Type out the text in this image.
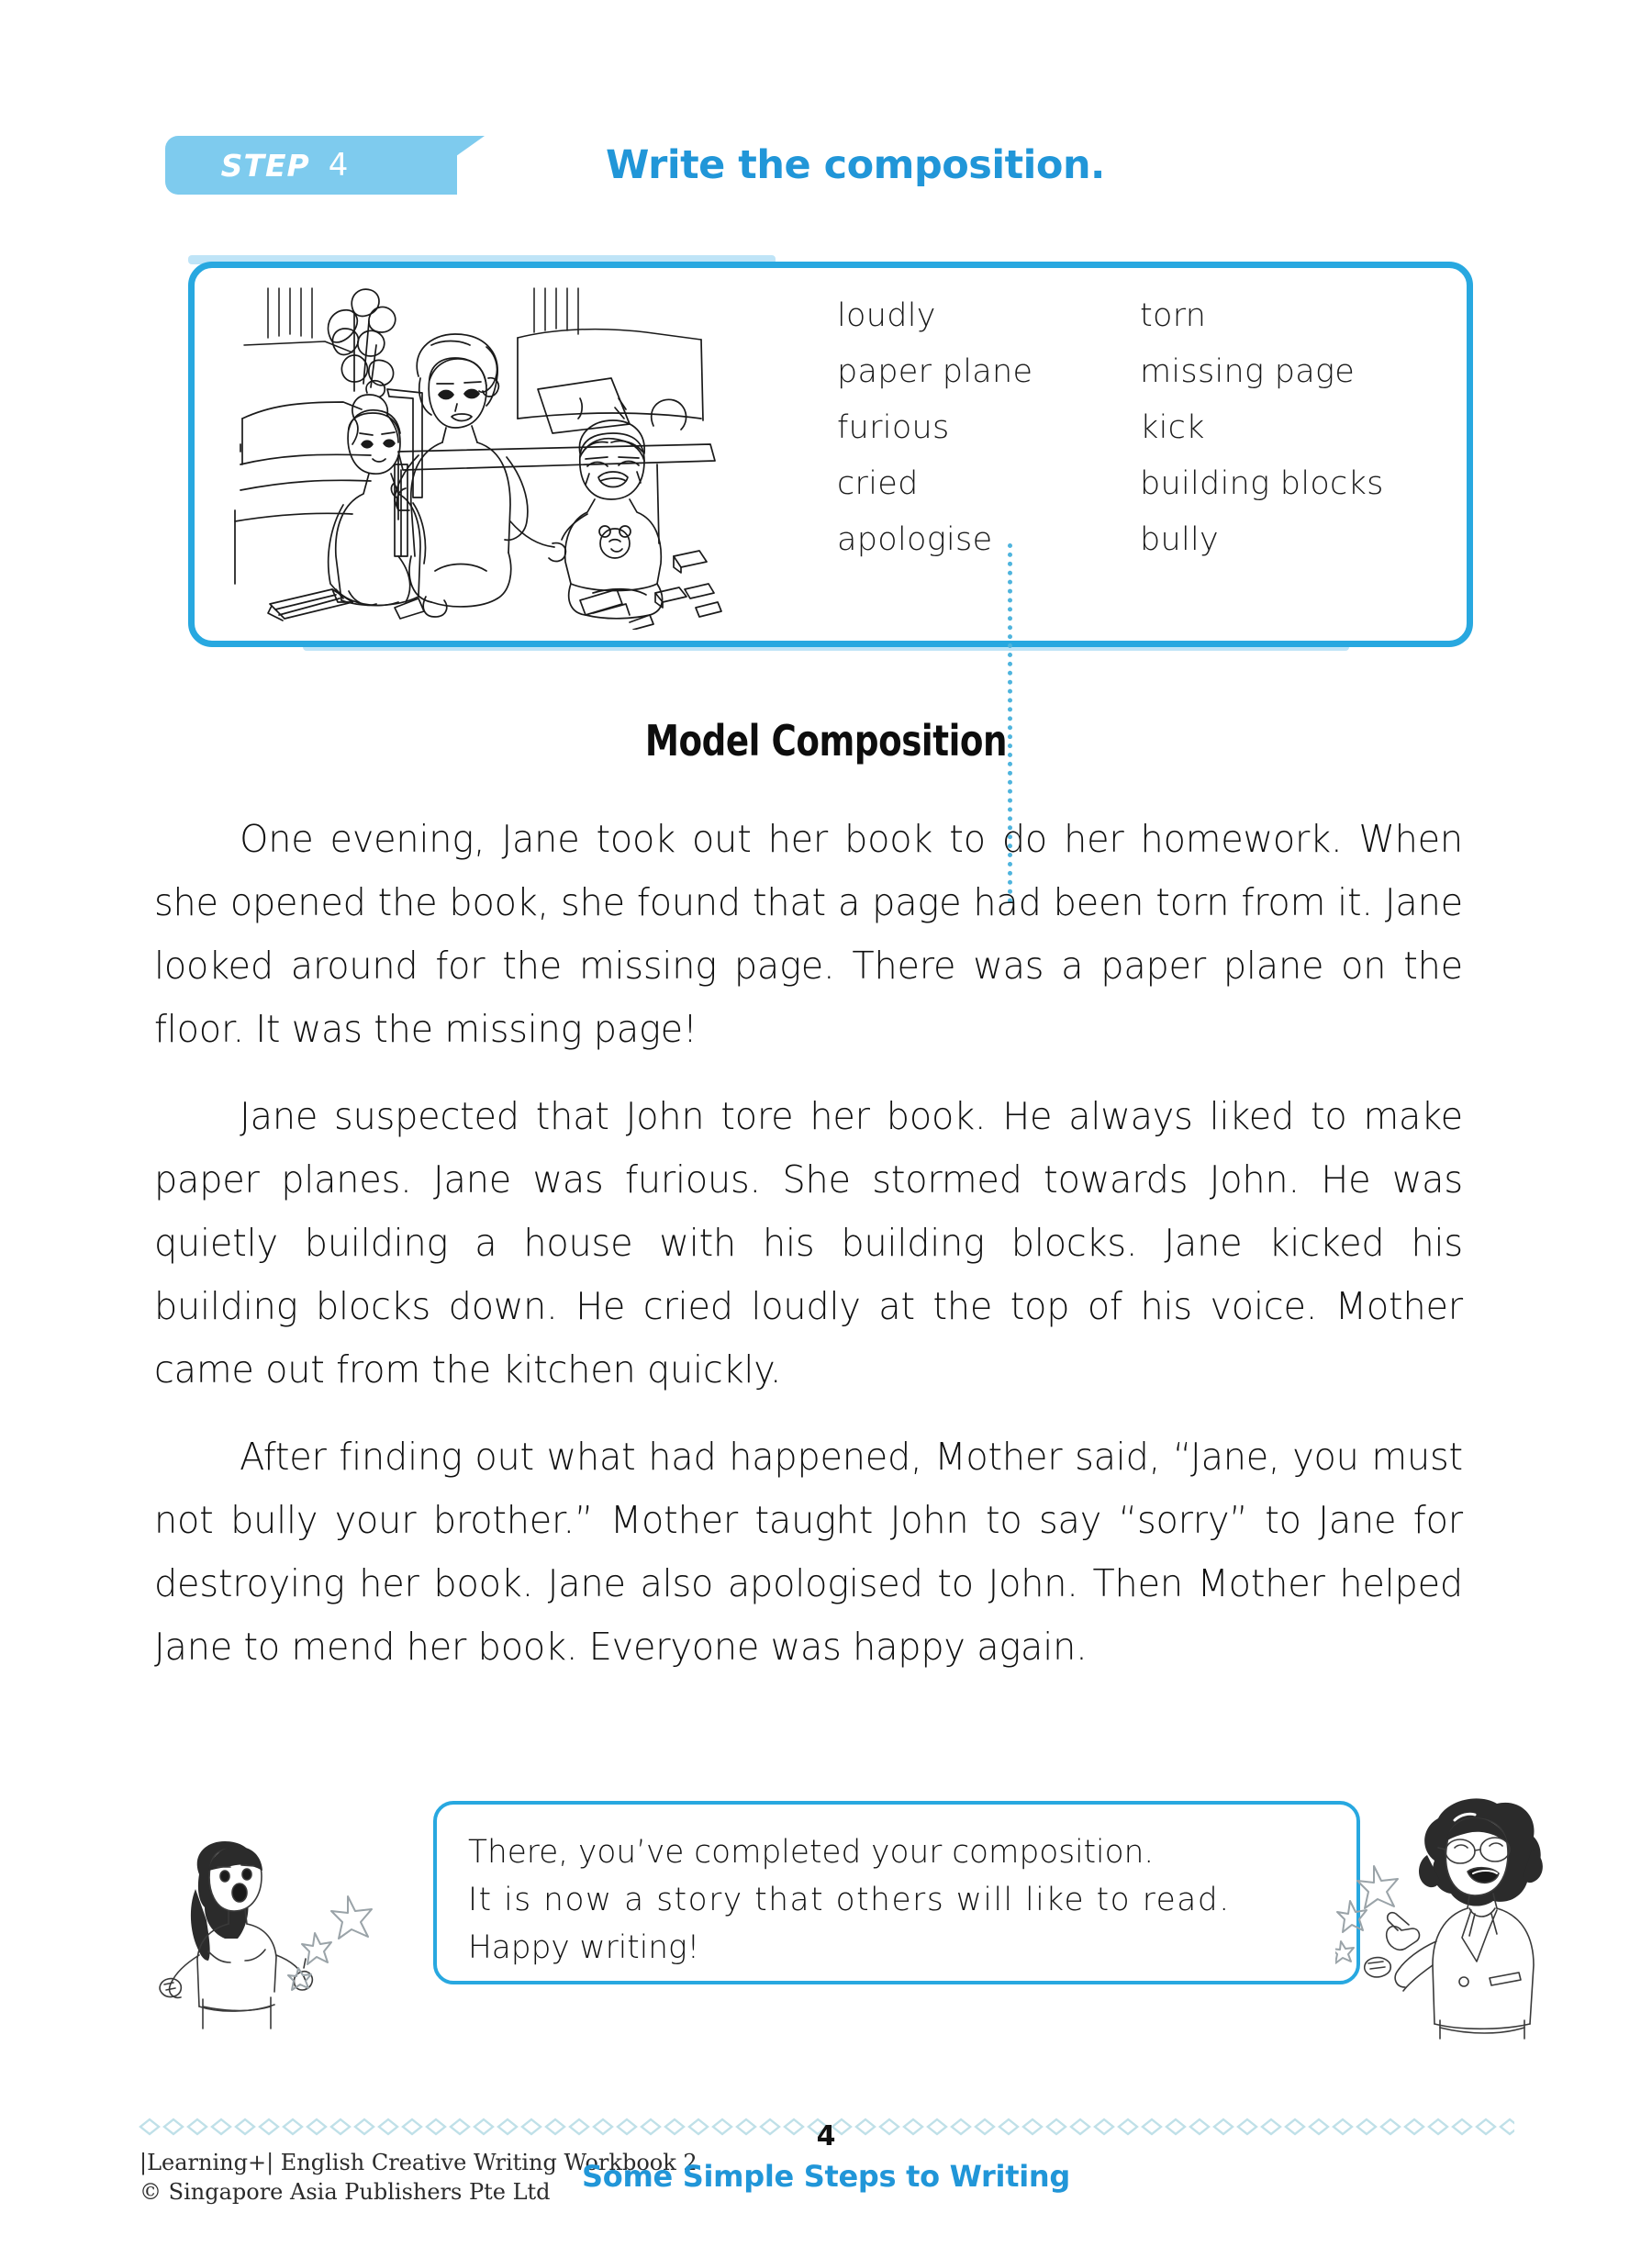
STEP 4	Write the composition.
loudly	torn
paper plane	missing page
furious	kick
cried	building blocks
apologise	bully
Model Composition

One evening, Jane took out her book to do her homework. When she opened the book, she found that a page had been torn from it. Jane looked around for the missing page. There was a paper plane on the floor. It was the missing page!

Jane suspected that John tore her book. He always liked to make paper planes. Jane was furious. She stormed towards John. He was quietly building a house with his building blocks. Jane kicked his building blocks down. He cried loudly at the top of his voice. Mother came out from the kitchen quickly.

After finding out what had happened, Mother said, “Jane, you must not bully your brother.” Mother taught John to say “sorry” to Jane for destroying her book. Jane also apologised to John. Then Mother helped Jane to mend her book. Everyone was happy again.

There, you’ve completed your composition.
It is now a story that others will like to read.
Happy writing!
4
|Learning+| English Creative Writing Workbook 2
© Singapore Asia Publishers Pte Ltd	Some Simple Steps to Writing
